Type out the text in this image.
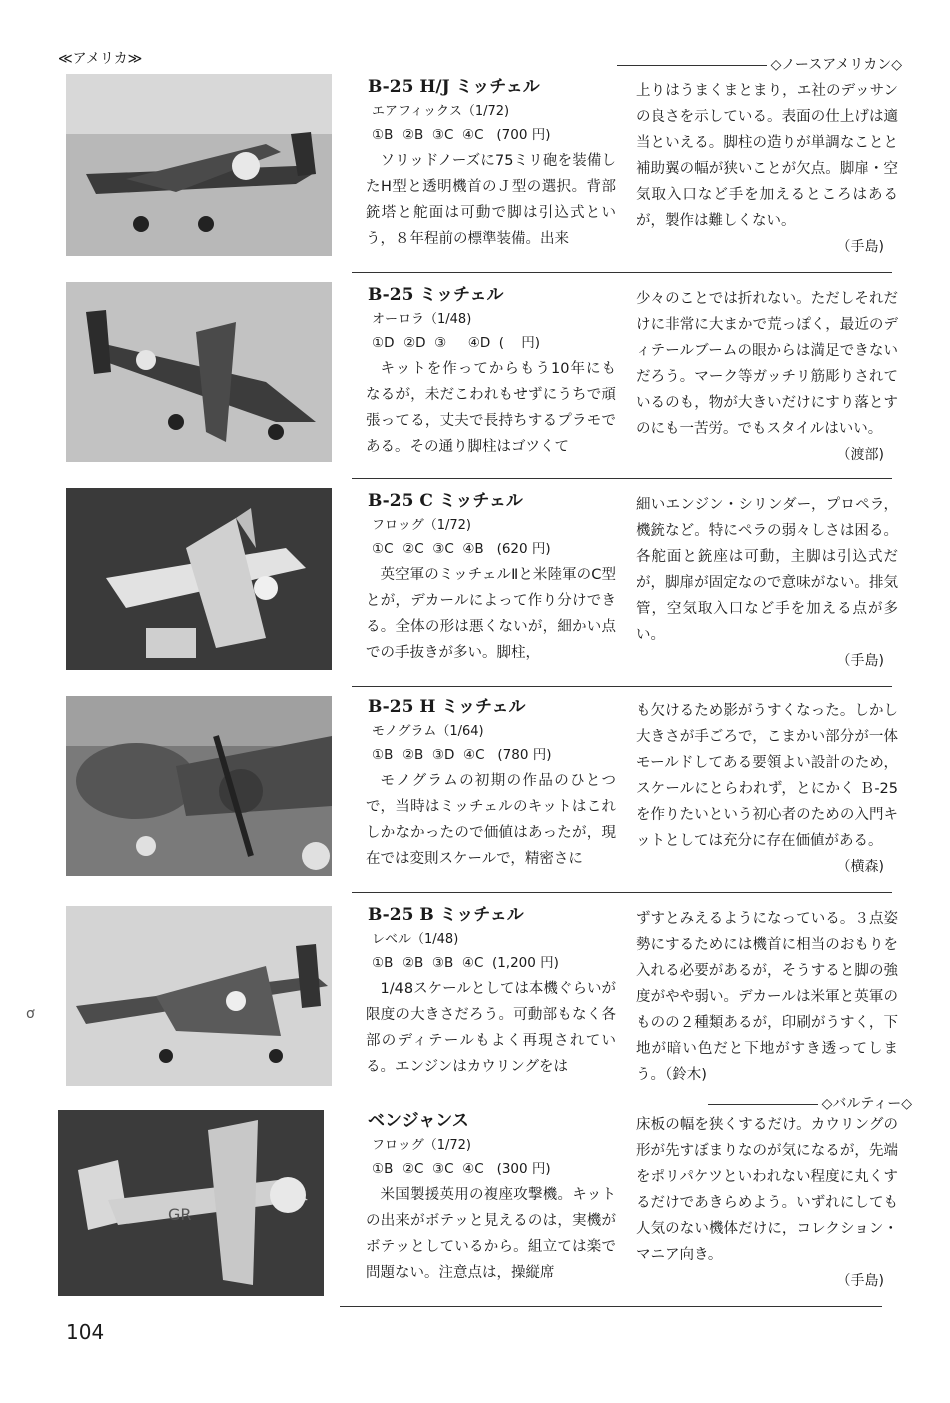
≪アメリカ≫	◇ノースアメリカン◇
B-25 H/J ミッチェル
エアフィックス（1/72)
①B  ②B  ③C  ④C   (700 円)

ソリッドノーズに75ミリ砲を装備したH型と透明機首のＪ型の選択。背部銃塔と舵面は可動で脚は引込式という，８年程前の標準装備。出来

上りはうまくまとまり，エ社のデッサンの良さを示している。表面の仕上げは適当といえる。脚柱の造りが単調なことと補助翼の幅が狭いことが欠点。脚扉・空気取入口など手を加えるところはあるが，製作は難しくない。

（手島)
B-25 ミッチェル
オーロラ（1/48)
①D  ②D  ③     ④D  (    円)

キットを作ってからもう10年にもなるが，未だこわれもせずにうちで頑張ってる，丈夫で長持ちするプラモである。その通り脚柱はゴツくて

少々のことでは折れない。ただしそれだけに非常に大まかで荒っぽく，最近のディテールブームの眼からは満足できないだろう。マーク等ガッチリ筋彫りされているのも，物が大きいだけにすり落とすのにも一苦労。でもスタイルはいい。

（渡部)
B-25 C ミッチェル
フロッグ（1/72)
①C  ②C  ③C  ④B   (620 円)

英空軍のミッチェルⅡと米陸軍のC型とが，デカールによって作り分けできる。全体の形は悪くないが，細かい点での手抜きが多い。脚柱，

細いエンジン・シリンダー，プロペラ，機銃など。特にペラの弱々しさは困る。各舵面と銃座は可動，主脚は引込式だが，脚扉が固定なので意味がない。排気管，空気取入口など手を加える点が多い。

（手島)
B-25 H ミッチェル
モノグラム（1/64)
①B  ②B  ③D  ④C   (780 円)

モノグラムの初期の作品のひとつで，当時はミッチェルのキットはこれしかなかったので価値はあったが，現在では変則スケールで，精密さに

も欠けるため影がうすくなった。しかし大きさが手ごろで，こまかい部分が一体モールドしてある要領よい設計のため，スケールにとらわれず，とにかく Ｂ-25を作りたいという初心者のための入門キットとしては充分に存在価値がある。

（横森)
B-25 B ミッチェル
レベル（1/48)
①B  ②B  ③B  ④C  (1,200 円)

1/48スケールとしては本機ぐらいが限度の大きさだろう。可動部もなく各部のディテールもよく再現されている。エンジンはカウリングをは

ずすとみえるようになっている。３点姿勢にするためには機首に相当のおもりを入れる必要があるが，そうすると脚の強度がやや弱い。デカールは米軍と英軍のものの２種類あるが，印刷がうすく，下地が暗い色だと下地がすき透ってしまう。（鈴木)

◇バルティー◇
GR
ベンジャンス
フロッグ（1/72)
①B  ②C  ③C  ④C   (300 円)

米国製援英用の複座攻撃機。キットの出来がボテッと見えるのは，実機がボテッとしているから。組立ては楽で問題ない。注意点は，操縦席

床板の幅を狭くするだけ。カウリングの形が先すぼまりなのが気になるが，先端をポリパケツといわれない程度に丸くするだけであきらめよう。いずれにしても人気のない機体だけに，コレクション・マニア向き。

（手島)
104
ơ
